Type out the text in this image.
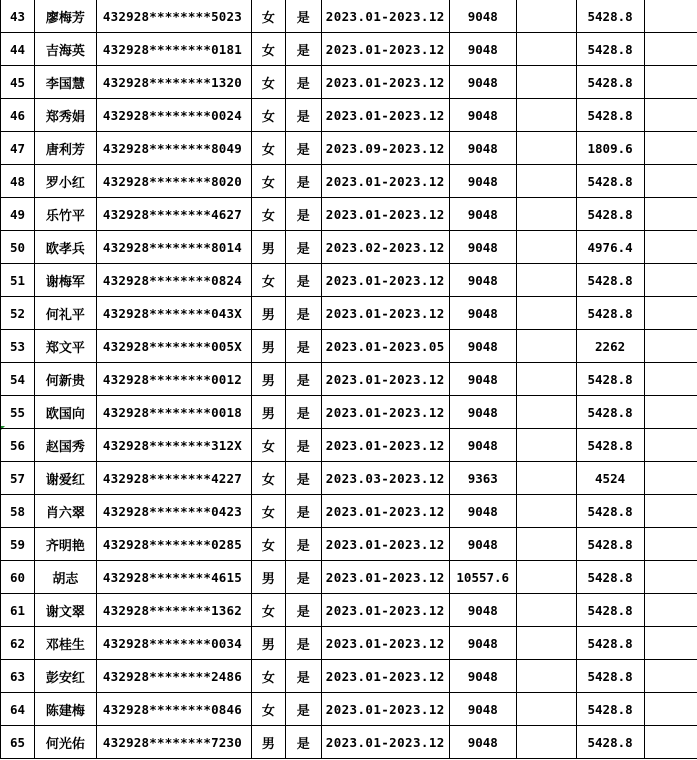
43	廖梅芳	432928********5023	女	是	2023.01-2023.12	9048		5428.8	
44	吉海英	432928********0181	女	是	2023.01-2023.12	9048		5428.8	
45	李国慧	432928********1320	女	是	2023.01-2023.12	9048		5428.8	
46	郑秀娟	432928********0024	女	是	2023.01-2023.12	9048		5428.8	
47	唐利芳	432928********8049	女	是	2023.09-2023.12	9048		1809.6	
48	罗小红	432928********8020	女	是	2023.01-2023.12	9048		5428.8	
49	乐竹平	432928********4627	女	是	2023.01-2023.12	9048		5428.8	
50	欧孝兵	432928********8014	男	是	2023.02-2023.12	9048		4976.4	
51	谢梅军	432928********0824	女	是	2023.01-2023.12	9048		5428.8	
52	何礼平	432928********043X	男	是	2023.01-2023.12	9048		5428.8	
53	郑文平	432928********005X	男	是	2023.01-2023.05	9048		2262	
54	何新贵	432928********0012	男	是	2023.01-2023.12	9048		5428.8	
55	欧国向	432928********0018	男	是	2023.01-2023.12	9048		5428.8	
56	赵国秀	432928********312X	女	是	2023.01-2023.12	9048		5428.8	
57	谢爱红	432928********4227	女	是	2023.03-2023.12	9363		4524	
58	肖六翠	432928********0423	女	是	2023.01-2023.12	9048		5428.8	
59	齐明艳	432928********0285	女	是	2023.01-2023.12	9048		5428.8	
60	胡志	432928********4615	男	是	2023.01-2023.12	10557.6		5428.8	
61	谢文翠	432928********1362	女	是	2023.01-2023.12	9048		5428.8	
62	邓桂生	432928********0034	男	是	2023.01-2023.12	9048		5428.8	
63	彭安红	432928********2486	女	是	2023.01-2023.12	9048		5428.8	
64	陈建梅	432928********0846	女	是	2023.01-2023.12	9048		5428.8	
65	何光佑	432928********7230	男	是	2023.01-2023.12	9048		5428.8	
